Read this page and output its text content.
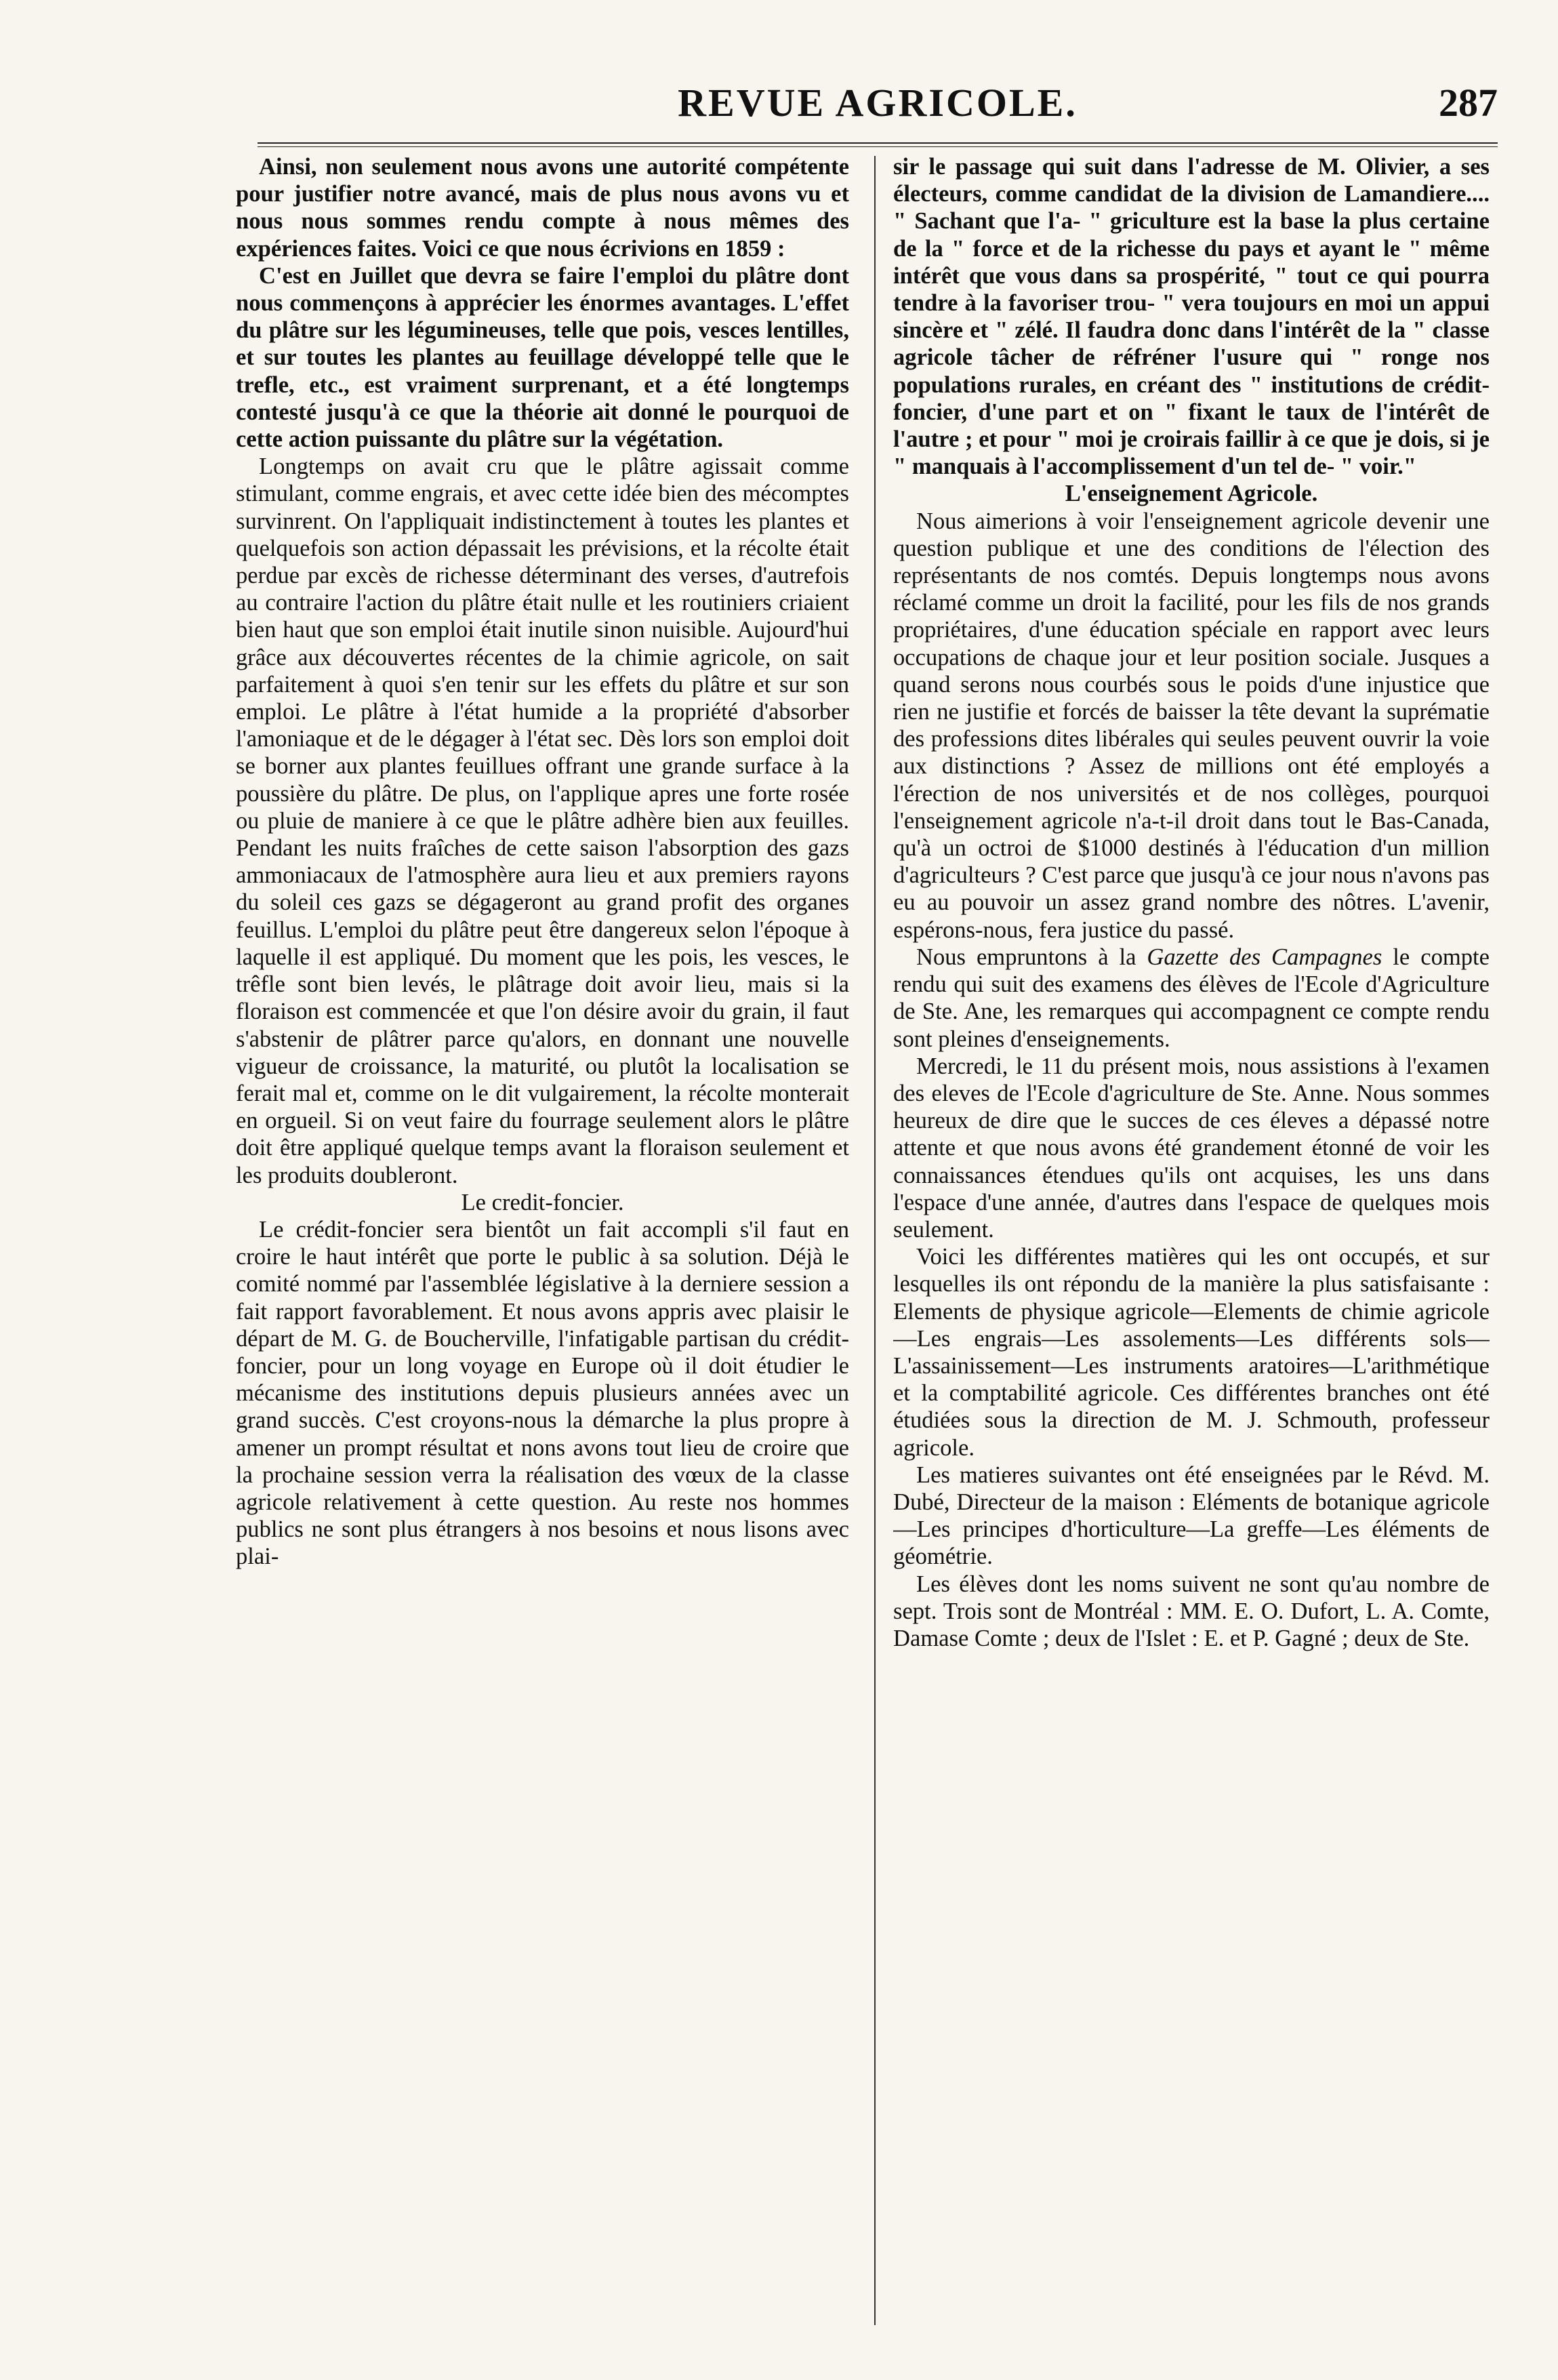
REVUE AGRICOLE.	287

Ainsi, non seulement nous avons une autorité compétente pour justifier notre avancé, mais de plus nous avons vu et nous nous sommes rendu compte à nous mêmes des expériences faites. Voici ce que nous écrivions en 1859 :

C'est en Juillet que devra se faire l'emploi du plâtre dont nous commençons à apprécier les énormes avantages. L'effet du plâtre sur les légumineuses, telle que pois, vesces lentilles, et sur toutes les plantes au feuillage développé telle que le trefle, etc., est vraiment surprenant, et a été longtemps contesté jusqu'à ce que la théorie ait donné le pourquoi de cette action puissante du plâtre sur la végétation.

Longtemps on avait cru que le plâtre agissait comme stimulant, comme engrais, et avec cette idée bien des mécomptes survinrent. On l'appliquait indistinctement à toutes les plantes et quelquefois son action dépassait les prévisions, et la récolte était perdue par excès de richesse déterminant des verses, d'autrefois au contraire l'action du plâtre était nulle et les routiniers criaient bien haut que son emploi était inutile sinon nuisible. Aujourd'hui grâce aux découvertes récentes de la chimie agricole, on sait parfaitement à quoi s'en tenir sur les effets du plâtre et sur son emploi. Le plâtre à l'état humide a la propriété d'absorber l'amoniaque et de le dégager à l'état sec. Dès lors son emploi doit se borner aux plantes feuillues offrant une grande surface à la poussière du plâtre. De plus, on l'applique apres une forte rosée ou pluie de maniere à ce que le plâtre adhère bien aux feuilles. Pendant les nuits fraîches de cette saison l'absorption des gazs ammoniacaux de l'atmosphère aura lieu et aux premiers rayons du soleil ces gazs se dégageront au grand profit des organes feuillus. L'emploi du plâtre peut être dangereux selon l'époque à laquelle il est appliqué. Du moment que les pois, les vesces, le trêfle sont bien levés, le plâtrage doit avoir lieu, mais si la floraison est commencée et que l'on désire avoir du grain, il faut s'abstenir de plâtrer parce qu'alors, en donnant une nouvelle vigueur de croissance, la maturité, ou plutôt la localisation se ferait mal et, comme on le dit vulgairement, la récolte monterait en orgueil. Si on veut faire du fourrage seulement alors le plâtre doit être appliqué quelque temps avant la floraison seulement et les produits doubleront.

Le credit-foncier.

Le crédit-foncier sera bientôt un fait accompli s'il faut en croire le haut intérêt que porte le public à sa solution. Déjà le comité nommé par l'assemblée législative à la derniere session a fait rapport favorablement. Et nous avons appris avec plaisir le départ de M. G. de Boucherville, l'infatigable partisan du crédit-foncier, pour un long voyage en Europe où il doit étudier le mécanisme des institutions depuis plusieurs années avec un grand succès. C'est croyons-nous la démarche la plus propre à amener un prompt résultat et nons avons tout lieu de croire que la prochaine session verra la réalisation des vœux de la classe agricole relativement à cette question. Au reste nos hommes publics ne sont plus étrangers à nos besoins et nous lisons avec plai-

sir le passage qui suit dans l'adresse de M. Olivier, a ses électeurs, comme candidat de la division de Lamandiere.... " Sachant que l'a- " griculture est la base la plus certaine de la " force et de la richesse du pays et ayant le " même intérêt que vous dans sa prospérité, " tout ce qui pourra tendre à la favoriser trou- " vera toujours en moi un appui sincère et " zélé. Il faudra donc dans l'intérêt de la " classe agricole tâcher de réfréner l'usure qui " ronge nos populations rurales, en créant des " institutions de crédit-foncier, d'une part et on " fixant le taux de l'intérêt de l'autre ; et pour " moi je croirais faillir à ce que je dois, si je " manquais à l'accomplissement d'un tel de- " voir."

L'enseignement Agricole.

Nous aimerions à voir l'enseignement agricole devenir une question publique et une des conditions de l'élection des représentants de nos comtés. Depuis longtemps nous avons réclamé comme un droit la facilité, pour les fils de nos grands propriétaires, d'une éducation spéciale en rapport avec leurs occupations de chaque jour et leur position sociale. Jusques a quand serons nous courbés sous le poids d'une injustice que rien ne justifie et forcés de baisser la tête devant la suprématie des professions dites libérales qui seules peuvent ouvrir la voie aux distinctions ? Assez de millions ont été employés a l'érection de nos universités et de nos collèges, pourquoi l'enseignement agricole n'a-t-il droit dans tout le Bas-Canada, qu'à un octroi de $1000 destinés à l'éducation d'un million d'agriculteurs ? C'est parce que jusqu'à ce jour nous n'avons pas eu au pouvoir un assez grand nombre des nôtres. L'avenir, espérons-nous, fera justice du passé.

Nous empruntons à la Gazette des Campagnes le compte rendu qui suit des examens des élèves de l'Ecole d'Agriculture de Ste. Ane, les remarques qui accompagnent ce compte rendu sont pleines d'enseignements.

Mercredi, le 11 du présent mois, nous assistions à l'examen des eleves de l'Ecole d'agriculture de Ste. Anne. Nous sommes heureux de dire que le succes de ces éleves a dépassé notre attente et que nous avons été grandement étonné de voir les connaissances étendues qu'ils ont acquises, les uns dans l'espace d'une année, d'autres dans l'espace de quelques mois seulement.

Voici les différentes matières qui les ont occupés, et sur lesquelles ils ont répondu de la manière la plus satisfaisante : Elements de physique agricole—Elements de chimie agricole—Les engrais—Les assolements—Les différents sols—L'assainissement—Les instruments aratoires—L'arithmétique et la comptabilité agricole. Ces différentes branches ont été étudiées sous la direction de M. J. Schmouth, professeur agricole.

Les matieres suivantes ont été enseignées par le Révd. M. Dubé, Directeur de la maison : Eléments de botanique agricole—Les principes d'horticulture—La greffe—Les éléments de géométrie.

Les élèves dont les noms suivent ne sont qu'au nombre de sept. Trois sont de Montréal : MM. E. O. Dufort, L. A. Comte, Damase Comte ; deux de l'Islet : E. et P. Gagné ; deux de Ste.
